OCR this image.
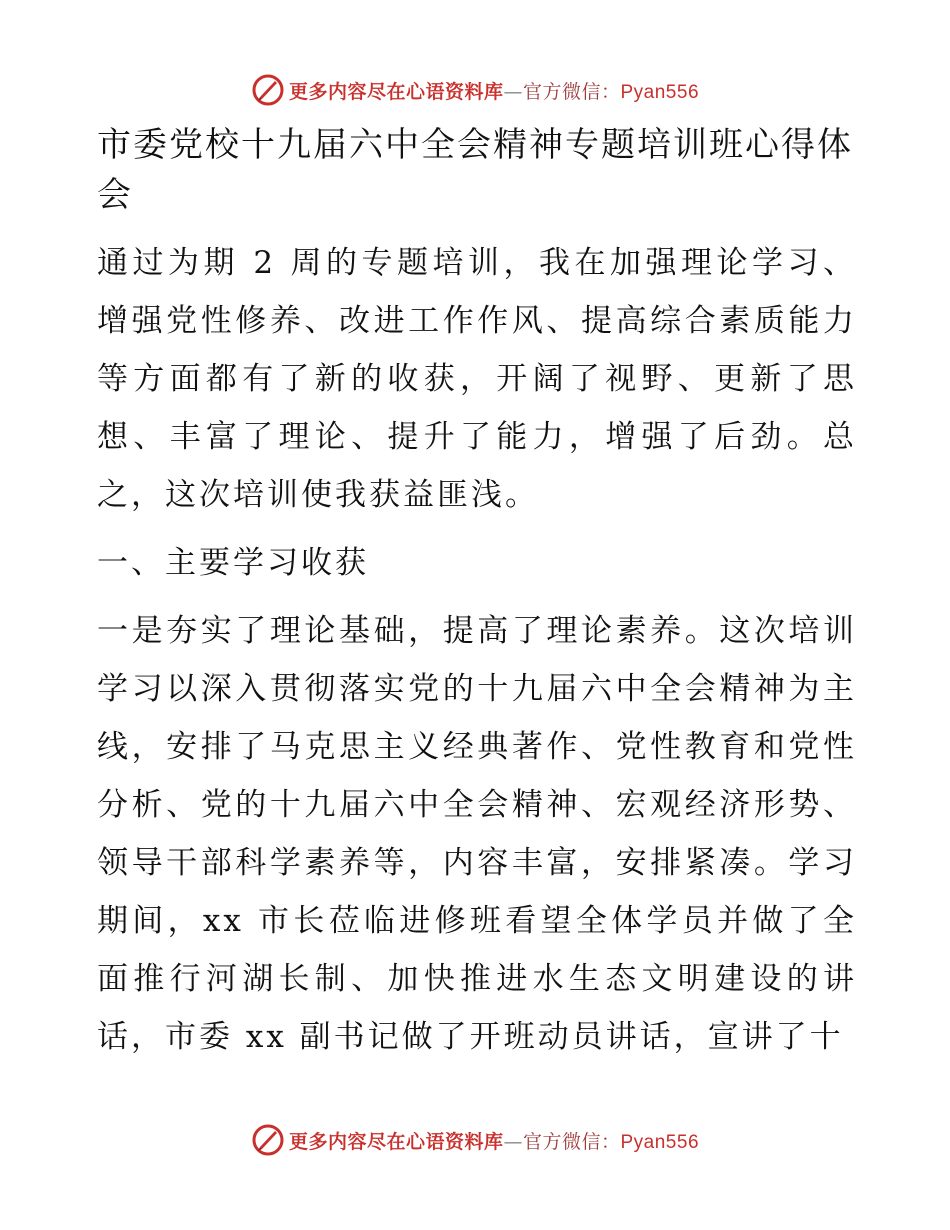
更多内容尽在心语资料库—官方微信：Pyan556
市委党校十九届六中全会精神专题培训班心得体会

通过为期 2 周的专题培训，我在加强理论学习、增强党性修养、改进工作作风、提高综合素质能力等方面都有了新的收获，开阔了视野、更新了思想、丰富了理论、提升了能力，增强了后劲。总之，这次培训使我获益匪浅。

一、主要学习收获

一是夯实了理论基础，提高了理论素养。这次培训学习以深入贯彻落实党的十九届六中全会精神为主线，安排了马克思主义经典著作、党性教育和党性分析、党的十九届六中全会精神、宏观经济形势、领导干部科学素养等，内容丰富，安排紧凑。学习期间，xx 市长莅临进修班看望全体学员并做了全面推行河湖长制、加快推进水生态文明建设的讲话，市委 xx 副书记做了开班动员讲话，宣讲了十

更多内容尽在心语资料库—官方微信：Pyan556
